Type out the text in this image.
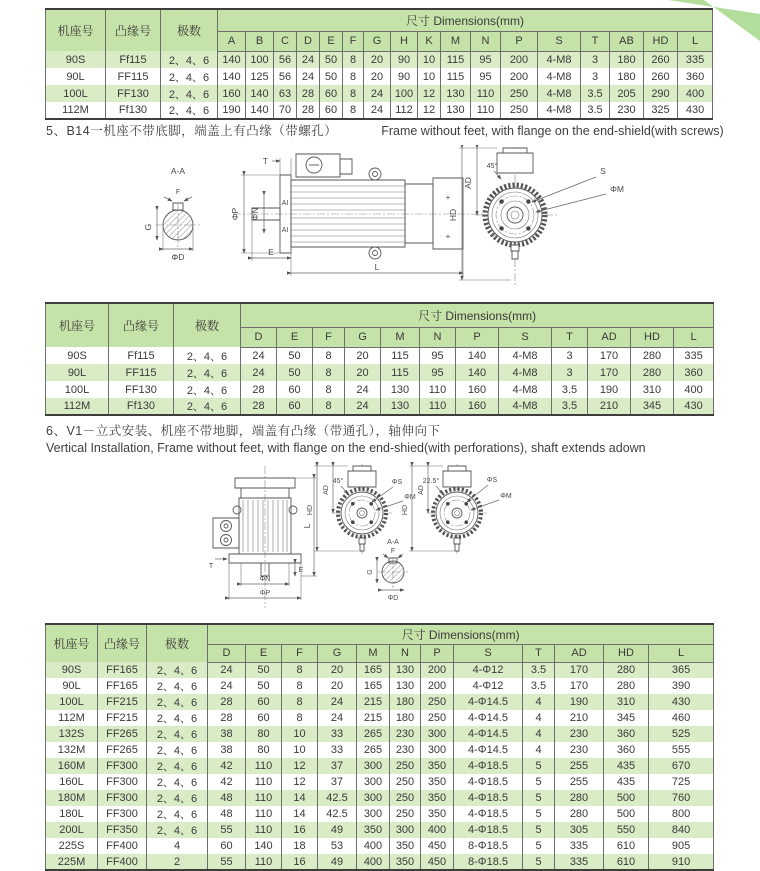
机座号	凸缘号	极数	尺寸 Dimensions(mm)																
			A	B	C	D	E	F	G	H	K	M	N	P	S	T	AB	HD	L
90S	Ff115	2、4、6	140	100	56	24	50	8	20	90	10	115	95	200	4-M8	3	180	260	335
90L	FF115	2、4、6	140	125	56	24	50	8	20	90	10	115	95	200	4-M8	3	180	260	360
100L	FF130	2、4、6	160	140	63	28	60	8	24	100	12	130	110	250	4-M8	3.5	205	290	400
112M	Ff130	2、4、6	190	140	70	28	60	8	24	112	12	130	110	250	4-M8	3.5	230	325	430
5、B14一机座不带底脚，端盖上有凸缘（带螺孔）	Frame without feet, with flange on the end-shield(with screws)
A-A
F
G
ΦD
+
+
T
ΦP ΦN
AI
AI
E
L
HD
AD
45°	S
ΦM
机座号	凸缘号	极数	尺寸 Dimensions(mm)											
			D	E	F	G	M	N	P	S	T	AD	HD	L
90S	Ff115	2、4、6	24	50	8	20	115	95	140	4-M8	3	170	280	335
90L	FF115	2、4、6	24	50	8	20	115	95	140	4-M8	3	170	280	360
100L	FF130	2、4、6	28	60	8	24	130	110	160	4-M8	3.5	190	310	400
112M	Ff130	2、4、6	28	60	8	24	130	110	160	4-M8	3.5	210	345	430
6、V1－立式安装、机座不带地脚，端盖有凸缘（带通孔），轴伸向下
Vertical Installation, Frame without feet, with flange on the end-shied(with perforations), shaft extends adown
T
E
ΦN
ΦP
L
45°
AD
HD
ΦS
ΦM
22.5°
AD
HD
ΦS
ΦM
A-A
F
G
ΦD
机座号	凸缘号	极数	尺寸 Dimensions(mm)											
			D	E	F	G	M	N	P	S	T	AD	HD	L
90S	FF165	2、4、6	24	50	8	20	165	130	200	4-Φ12	3.5	170	280	365
90L	FF165	2、4、6	24	50	8	20	165	130	200	4-Φ12	3.5	170	280	390
100L	FF215	2、4、6	28	60	8	24	215	180	250	4-Φ14.5	4	190	310	430
112M	FF215	2、4、6	28	60	8	24	215	180	250	4-Φ14.5	4	210	345	460
132S	FF265	2、4、6	38	80	10	33	265	230	300	4-Φ14.5	4	230	360	525
132M	FF265	2、4、6	38	80	10	33	265	230	300	4-Φ14.5	4	230	360	555
160M	FF300	2、4、6	42	110	12	37	300	250	350	4-Φ18.5	5	255	435	670
160L	FF300	2、4、6	42	110	12	37	300	250	350	4-Φ18.5	5	255	435	725
180M	FF300	2、4、6	48	110	14	42.5	300	250	350	4-Φ18.5	5	280	500	760
180L	FF300	2、4、6	48	110	14	42.5	300	250	350	4-Φ18.5	5	280	500	800
200L	FF350	2、4、6	55	110	16	49	350	300	400	4-Φ18.5	5	305	550	840
225S	FF400	4	60	140	18	53	400	350	450	8-Φ18.5	5	335	610	905
225M	FF400	2	55	110	16	49	400	350	450	8-Φ18.5	5	335	610	910
